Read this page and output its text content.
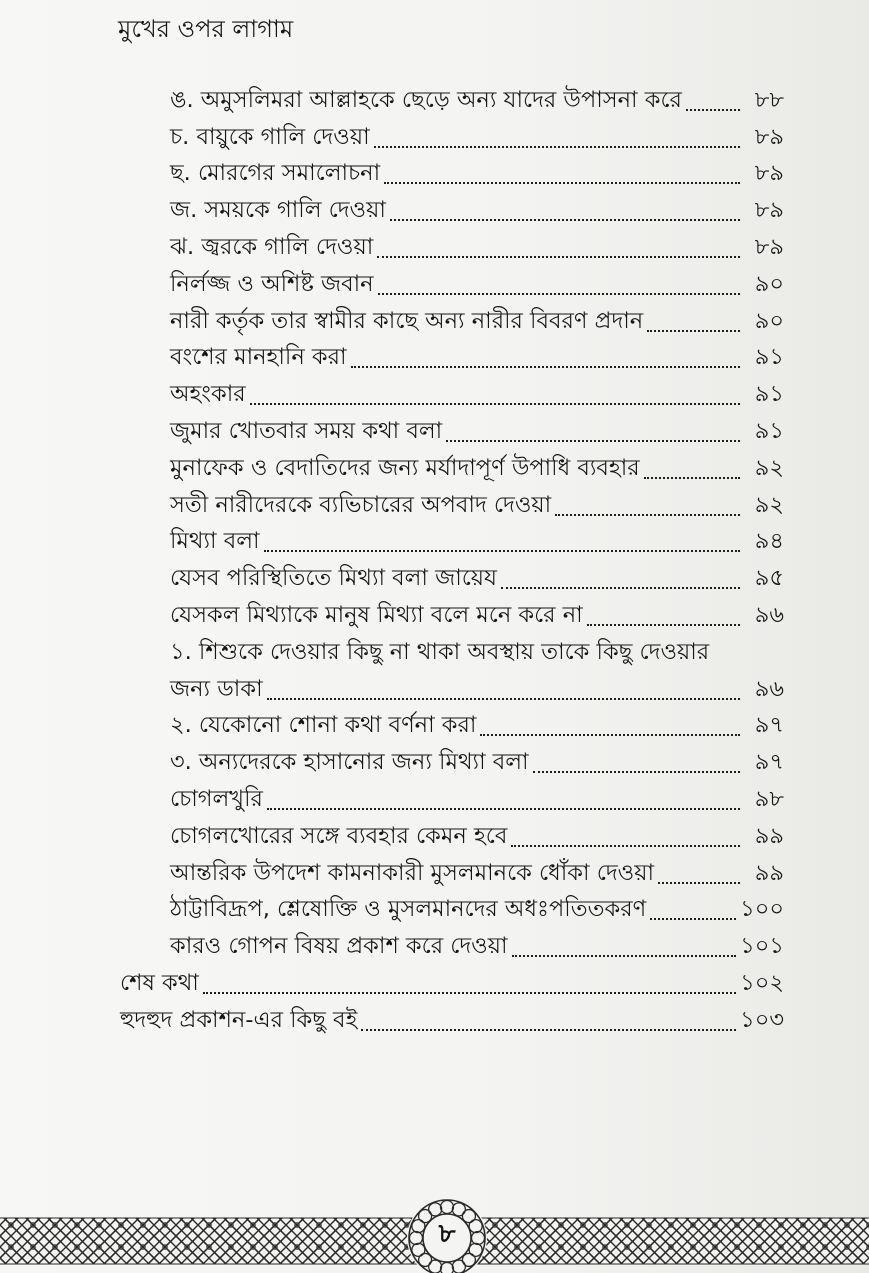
মুখের ওপর লাগাম
ঙ. অমুসলিমরা আল্লাহকে ছেড়ে অন্য যাদের উপাসনা করে	৮৮
চ. বায়ুকে গালি দেওয়া	৮৯
ছ. মোরগের সমালোচনা	৮৯
জ. সময়কে গালি দেওয়া	৮৯
ঝ. জ্বরকে গালি দেওয়া	৮৯
নির্লজ্জ ও অশিষ্ট জবান	৯০
নারী কর্তৃক তার স্বামীর কাছে অন্য নারীর বিবরণ প্রদান	৯০
বংশের মানহানি করা	৯১
অহংকার	৯১
জুমার খোতবার সময় কথা বলা	৯১
মুনাফেক ও বেদাতিদের জন্য মর্যাদাপূর্ণ উপাধি ব্যবহার	৯২
সতী নারীদেরকে ব্যভিচারের অপবাদ দেওয়া	৯২
মিথ্যা বলা	৯৪
যেসব পরিস্থিতিতে মিথ্যা বলা জায়েয	৯৫
যেসকল মিথ্যাকে মানুষ মিথ্যা বলে মনে করে না	৯৬
১. শিশুকে দেওয়ার কিছু না থাকা অবস্থায় তাকে কিছু দেওয়ার
জন্য ডাকা	৯৬
২. যেকোনো শোনা কথা বর্ণনা করা	৯৭
৩. অন্যদেরকে হাসানোর জন্য মিথ্যা বলা	৯৭
চোগলখুরি	৯৮
চোগলখোরের সঙ্গে ব্যবহার কেমন হবে	৯৯
আন্তরিক উপদেশ কামনাকারী মুসলমানকে ধোঁকা দেওয়া	৯৯
ঠাট্টাবিদ্রূপ, শ্লেষোক্তি ও মুসলমানদের অধঃপতিতকরণ	১০০
কারও গোপন বিষয় প্রকাশ করে দেওয়া	১০১
শেষ কথা	১০২
হুদহুদ প্রকাশন-এর কিছু বই	১০৩
৮
